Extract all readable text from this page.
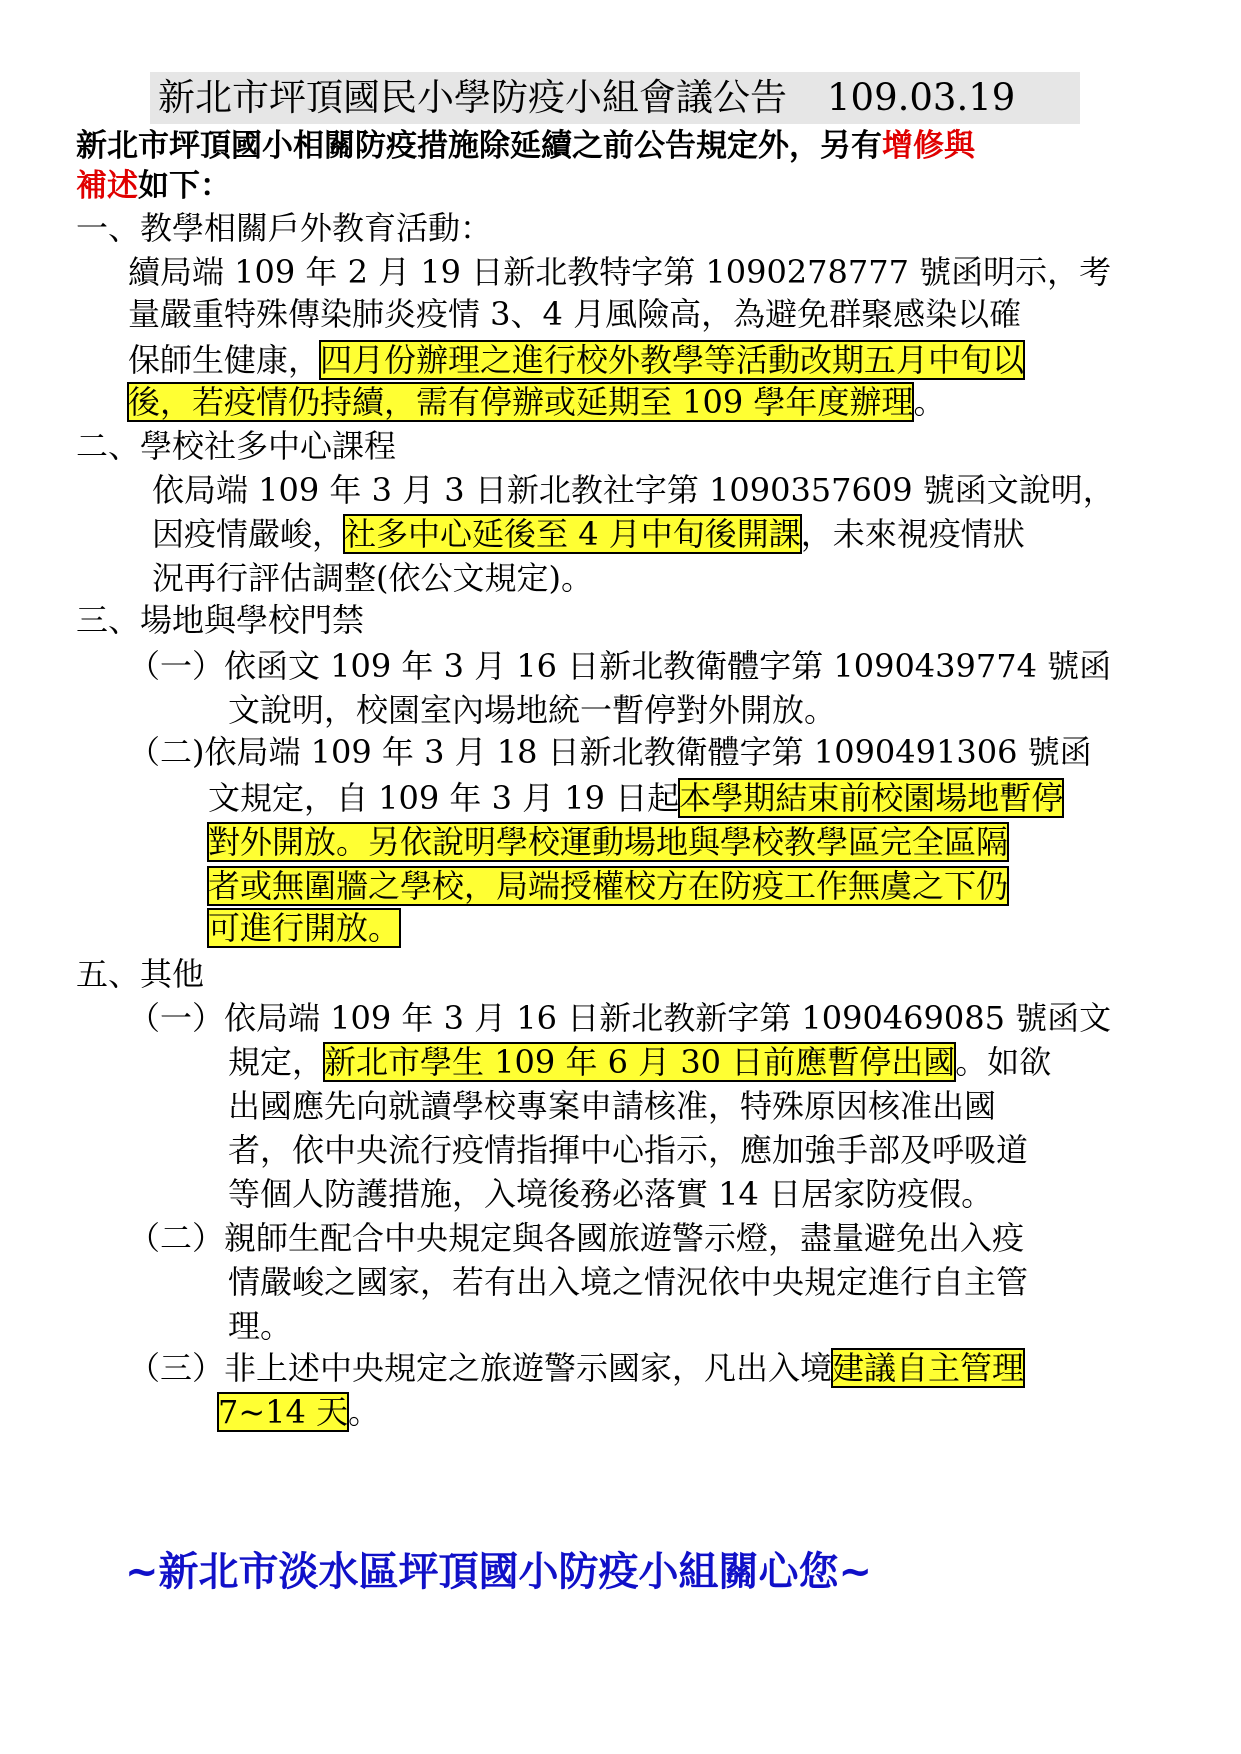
新北市坪頂國民小學防疫小組會議公告 109.03.19
新北市坪頂國小相關防疫措施除延續之前公告規定外，另有增修與
補述如下：
一、教學相關戶外教育活動：
續局端 109 年 2 月 19 日新北教特字第 1090278777 號函明示，考
量嚴重特殊傳染肺炎疫情 3、4 月風險高，為避免群聚感染以確
保師生健康，四月份辦理之進行校外教學等活動改期五月中旬以
後，若疫情仍持續，需有停辦或延期至 109 學年度辦理。
二、學校社多中心課程
依局端 109 年 3 月 3 日新北教社字第 1090357609 號函文說明，
因疫情嚴峻，社多中心延後至 4 月中旬後開課，未來視疫情狀
況再行評估調整(依公文規定)。
三、場地與學校門禁
（一）依函文 109 年 3 月 16 日新北教衛體字第 1090439774 號函
文說明，校園室內場地統一暫停對外開放。
（二)依局端 109 年 3 月 18 日新北教衛體字第 1090491306 號函
文規定，自 109 年 3 月 19 日起本學期結束前校園場地暫停
對外開放。另依說明學校運動場地與學校教學區完全區隔
者或無圍牆之學校，局端授權校方在防疫工作無虞之下仍
可進行開放。
五、其他
（一）依局端 109 年 3 月 16 日新北教新字第 1090469085 號函文
規定，新北市學生 109 年 6 月 30 日前應暫停出國。如欲
出國應先向就讀學校專案申請核准，特殊原因核准出國
者，依中央流行疫情指揮中心指示，應加強手部及呼吸道
等個人防護措施，入境後務必落實 14 日居家防疫假。
（二）親師生配合中央規定與各國旅遊警示燈，盡量避免出入疫
情嚴峻之國家，若有出入境之情況依中央規定進行自主管
理。
（三）非上述中央規定之旅遊警示國家，凡出入境建議自主管理
7~14 天。
~新北市淡水區坪頂國小防疫小組關心您~
